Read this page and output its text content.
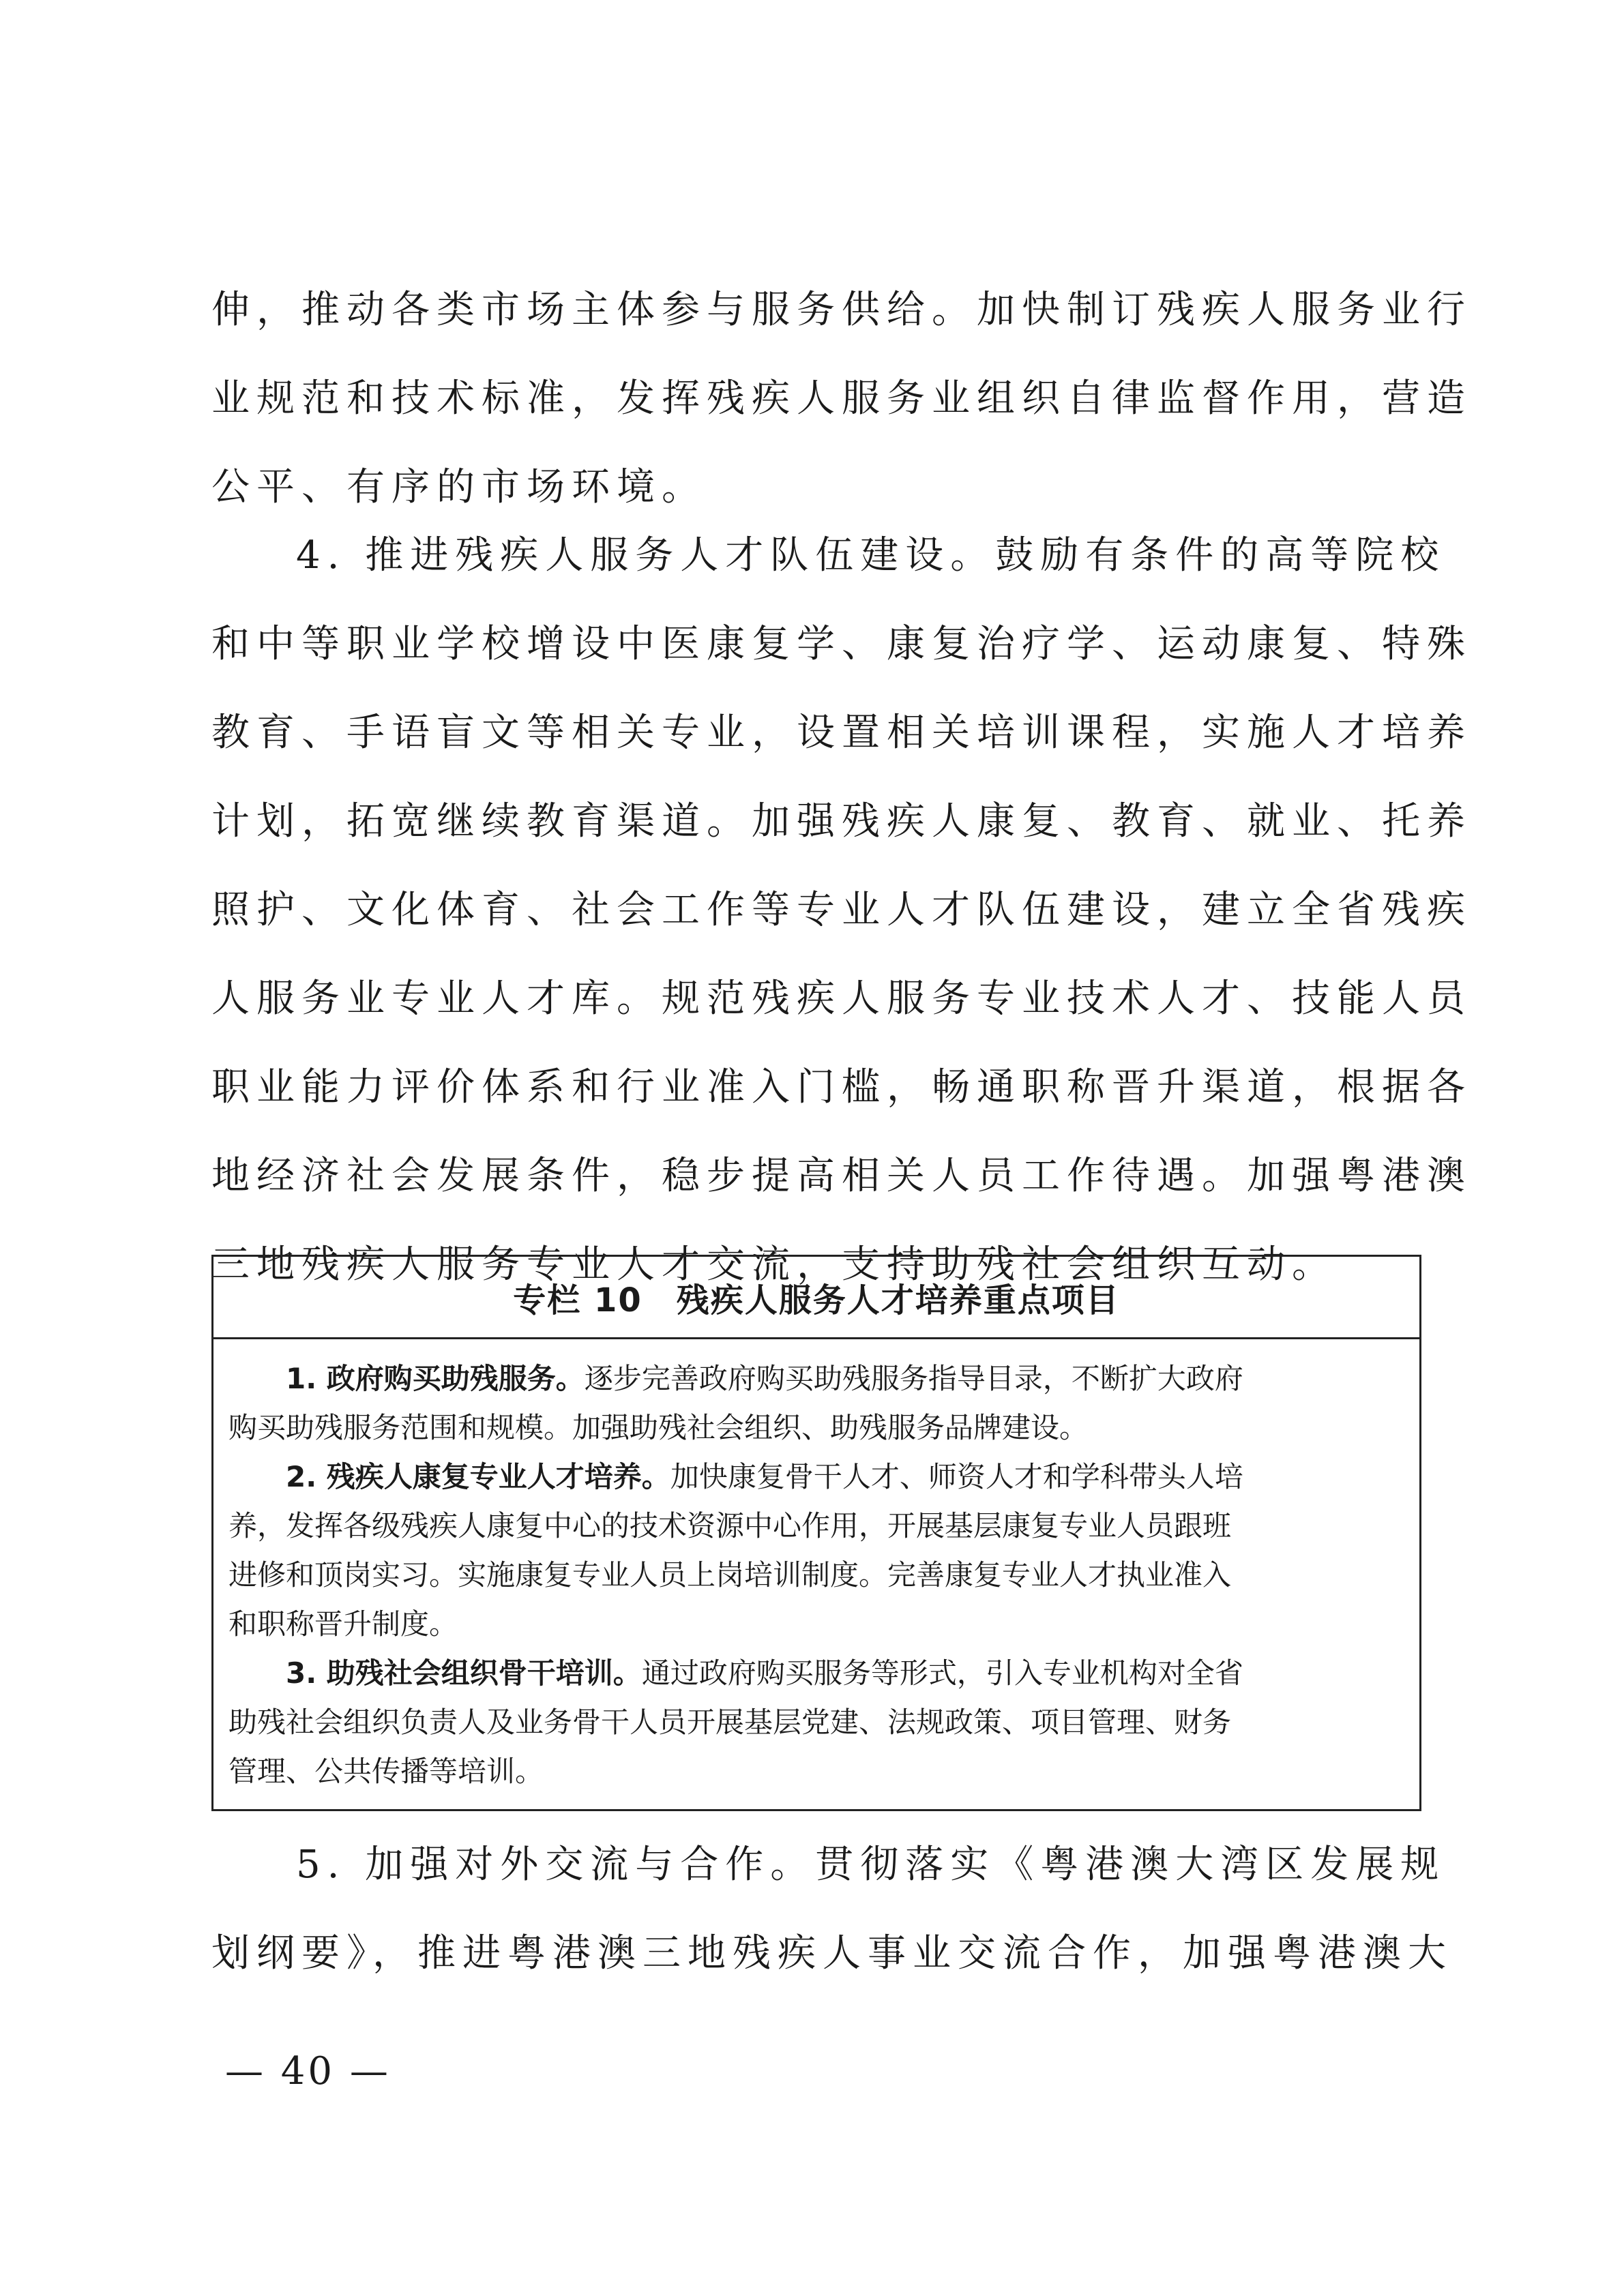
伸，推动各类市场主体参与服务供给。加快制订残疾人服务业行
业规范和技术标准，发挥残疾人服务业组织自律监督作用，营造
公平、有序的市场环境。
4. 推进残疾人服务人才队伍建设。鼓励有条件的高等院校
和中等职业学校增设中医康复学、康复治疗学、运动康复、特殊
教育、手语盲文等相关专业，设置相关培训课程，实施人才培养
计划，拓宽继续教育渠道。加强残疾人康复、教育、就业、托养
照护、文化体育、社会工作等专业人才队伍建设，建立全省残疾
人服务业专业人才库。规范残疾人服务专业技术人才、技能人员
职业能力评价体系和行业准入门槛，畅通职称晋升渠道，根据各
地经济社会发展条件，稳步提高相关人员工作待遇。加强粤港澳
三地残疾人服务专业人才交流，支持助残社会组织互动。
专栏 10 残疾人服务人才培养重点项目
1. 政府购买助残服务。逐步完善政府购买助残服务指导目录，不断扩大政府
购买助残服务范围和规模。加强助残社会组织、助残服务品牌建设。
2. 残疾人康复专业人才培养。加快康复骨干人才、师资人才和学科带头人培
养，发挥各级残疾人康复中心的技术资源中心作用，开展基层康复专业人员跟班
进修和顶岗实习。实施康复专业人员上岗培训制度。完善康复专业人才执业准入
和职称晋升制度。
3. 助残社会组织骨干培训。通过政府购买服务等形式，引入专业机构对全省
助残社会组织负责人及业务骨干人员开展基层党建、法规政策、项目管理、财务
管理、公共传播等培训。
5. 加强对外交流与合作。贯彻落实《粤港澳大湾区发展规
划纲要》，推进粤港澳三地残疾人事业交流合作，加强粤港澳大
— 40 —
